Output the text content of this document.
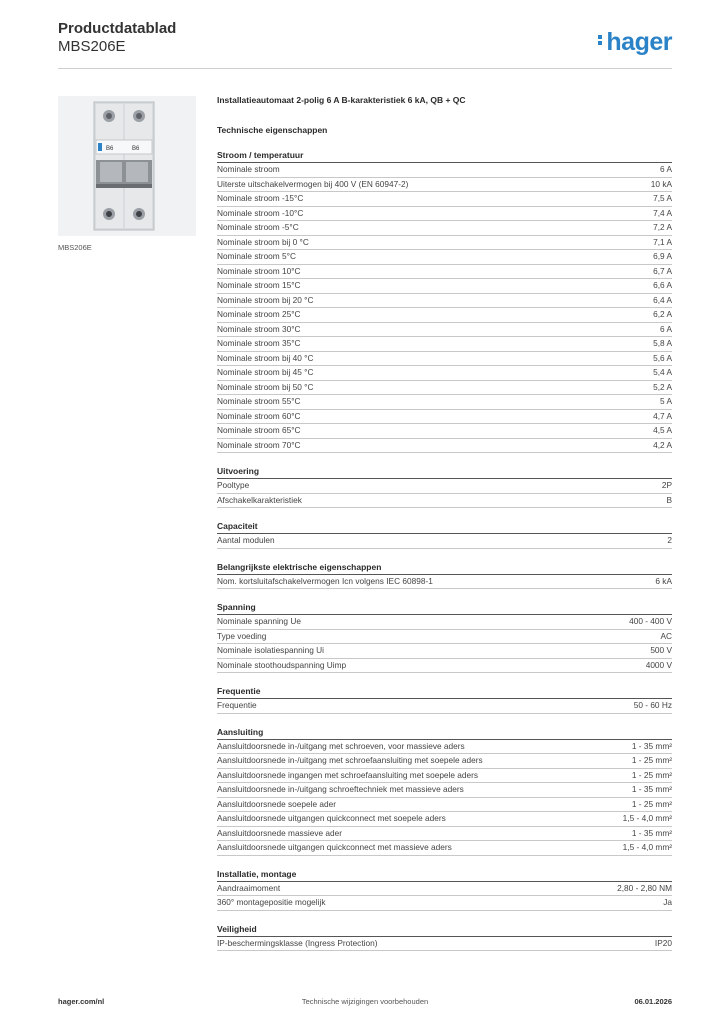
Productdatablad
MBS206E	hager
B6	B6
MBS206E
Installatieautomaat 2-polig 6 A B-karakteristiek 6 kA, QB + QC
Technische eigenschappen
Stroom / temperatuur
Nominale stroom	6 A
Uiterste uitschakelvermogen bij 400 V (EN 60947-2)	10 kA
Nominale stroom -15°C	7,5 A
Nominale stroom -10°C	7,4 A
Nominale stroom -5°C	7,2 A
Nominale stroom bij 0 °C	7,1 A
Nominale stroom 5°C	6,9 A
Nominale stroom 10°C	6,7 A
Nominale stroom 15°C	6,6 A
Nominale stroom bij 20 °C	6,4 A
Nominale stroom 25°C	6,2 A
Nominale stroom 30°C	6 A
Nominale stroom 35°C	5,8 A
Nominale stroom bij 40 °C	5,6 A
Nominale stroom bij 45 °C	5,4 A
Nominale stroom bij 50 °C	5,2 A
Nominale stroom 55°C	5 A
Nominale stroom 60°C	4,7 A
Nominale stroom 65°C	4,5 A
Nominale stroom 70°C	4,2 A
Uitvoering
Pooltype	2P
Afschakelkarakteristiek	B
Capaciteit
Aantal modulen	2
Belangrijkste elektrische eigenschappen
Nom. kortsluitafschakelvermogen Icn volgens IEC 60898-1	6 kA
Spanning
Nominale spanning Ue	400 - 400 V
Type voeding	AC
Nominale isolatiespanning Ui	500 V
Nominale stoothoudspanning Uimp	4000 V
Frequentie
Frequentie	50 - 60 Hz
Aansluiting
Aansluitdoorsnede in-/uitgang met schroeven, voor massieve aders	1 - 35 mm²
Aansluitdoorsnede in-/uitgang met schroefaansluiting met soepele aders	1 - 25 mm²
Aansluitdoorsnede ingangen met schroefaansluiting met soepele aders	1 - 25 mm²
Aansluitdoorsnede in-/uitgang schroeftechniek met massieve aders	1 - 35 mm²
Aansluitdoorsnede soepele ader	1 - 25 mm²
Aansluitdoorsnede uitgangen quickconnect met soepele aders	1,5 - 4,0 mm²
Aansluitdoorsnede massieve ader	1 - 35 mm²
Aansluitdoorsnede uitgangen quickconnect met massieve aders	1,5 - 4,0 mm²
Installatie, montage
Aandraaimoment	2,80 - 2,80 NM
360° montagepositie mogelijk	Ja
Veiligheid
IP-beschermingsklasse (Ingress Protection)	IP20
hager.com/nl	Technische wijzigingen voorbehouden	06.01.2026
